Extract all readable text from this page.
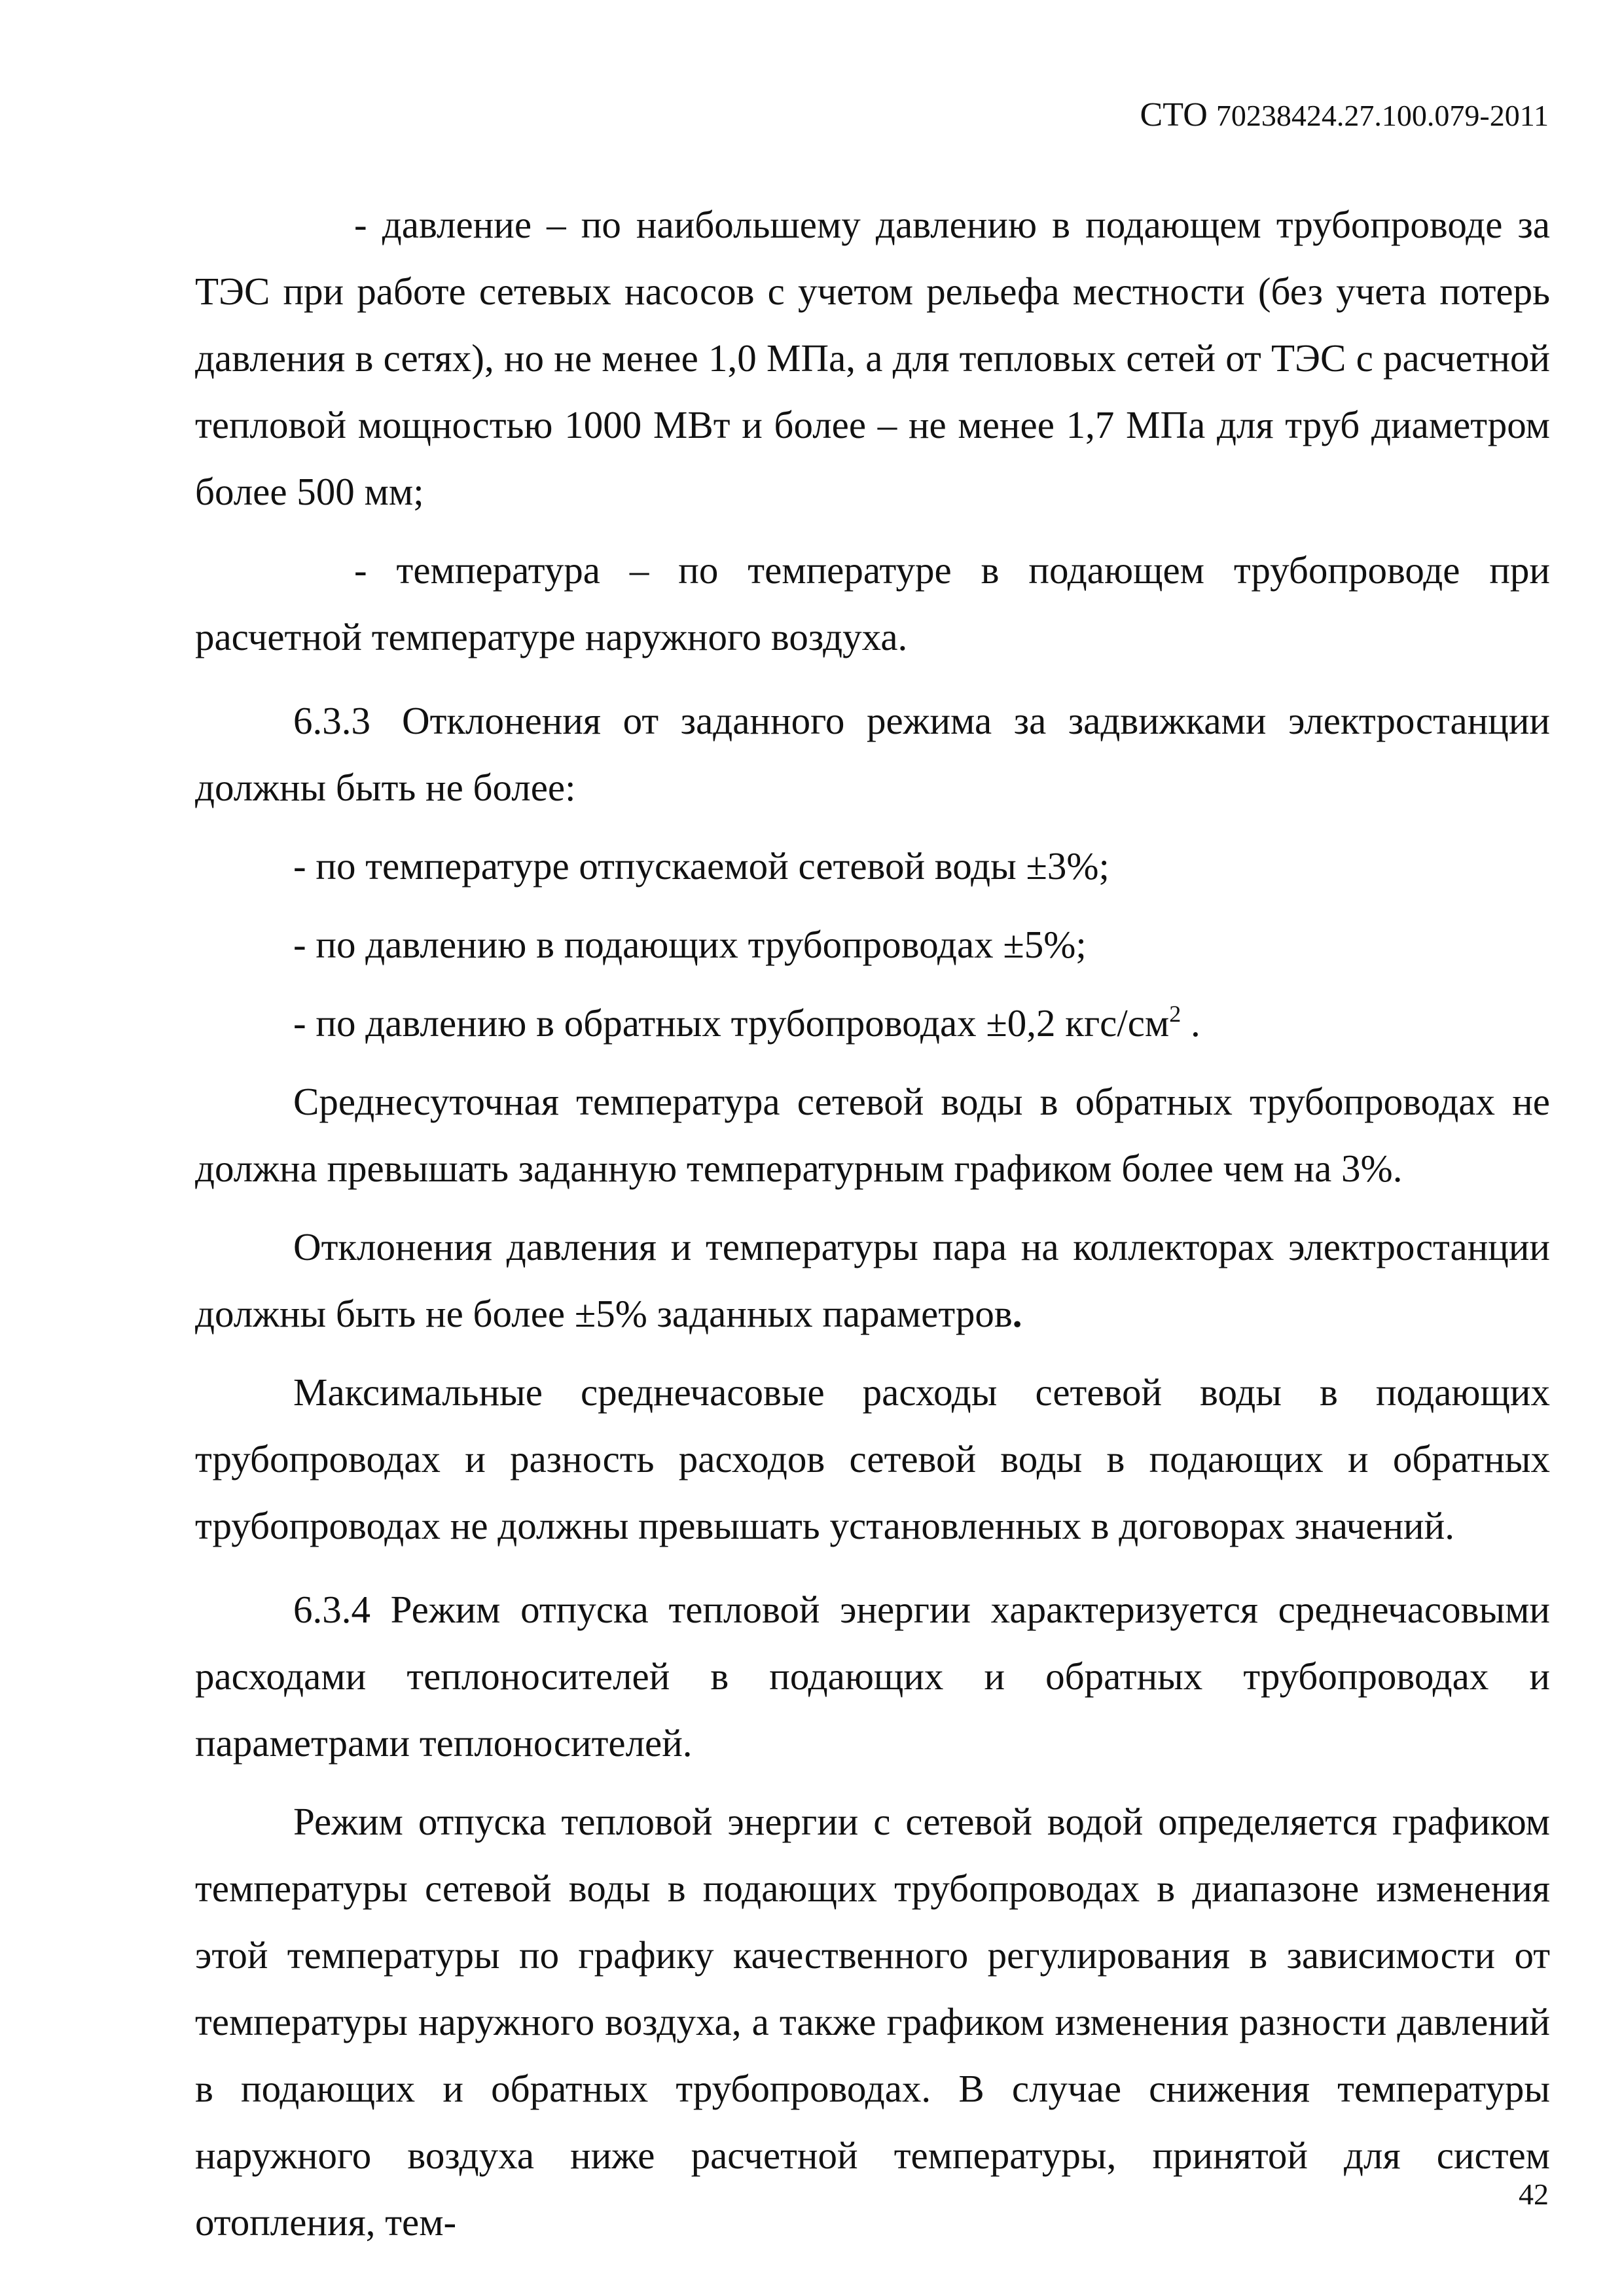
СТО 70238424.27.100.079-2011

- давление – по наибольшему давлению в подающем трубопроводе за ТЭС при работе сетевых насосов с учетом рельефа местности (без учета потерь давления в сетях), но не менее 1,0 МПа, а для тепловых сетей от ТЭС с расчетной тепловой мощностью 1000 МВт и более – не менее 1,7 МПа для труб диаметром более 500 мм;

- температура – по температуре в подающем трубопроводе при расчетной температуре наружного воздуха.

6.3.3 Отклонения от заданного режима за задвижками электростанции должны быть не более:

- по температуре отпускаемой сетевой воды ±3%;

- по давлению в подающих трубопроводах ±5%;

- по давлению в обратных трубопроводах ±0,2 кгс/$см^2$ .

Среднесуточная температура сетевой воды в обратных трубопроводах не должна превышать заданную температурным графиком более чем на 3%.

Отклонения давления и температуры пара на коллекторах электростанции должны быть не более ±5% заданных параметров.

Максимальные среднечасовые расходы сетевой воды в подающих трубопроводах и разность расходов сетевой воды в подающих и обратных трубопроводах не должны превышать установленных в договорах значений.

6.3.4 Режим отпуска тепловой энергии характеризуется среднечасовыми расходами теплоносителей в подающих и обратных трубопроводах и параметрами теплоносителей.

Режим отпуска тепловой энергии с сетевой водой определяется графиком температуры сетевой воды в подающих трубопроводах в диапазоне изменения этой температуры по графику качественного регулирования в зависимости от температуры наружного воздуха, а также графиком изменения разности давлений в подающих и обратных трубопроводах. В случае снижения температуры наружного воздуха ниже расчетной температуры, принятой для систем отопления, тем-

42
